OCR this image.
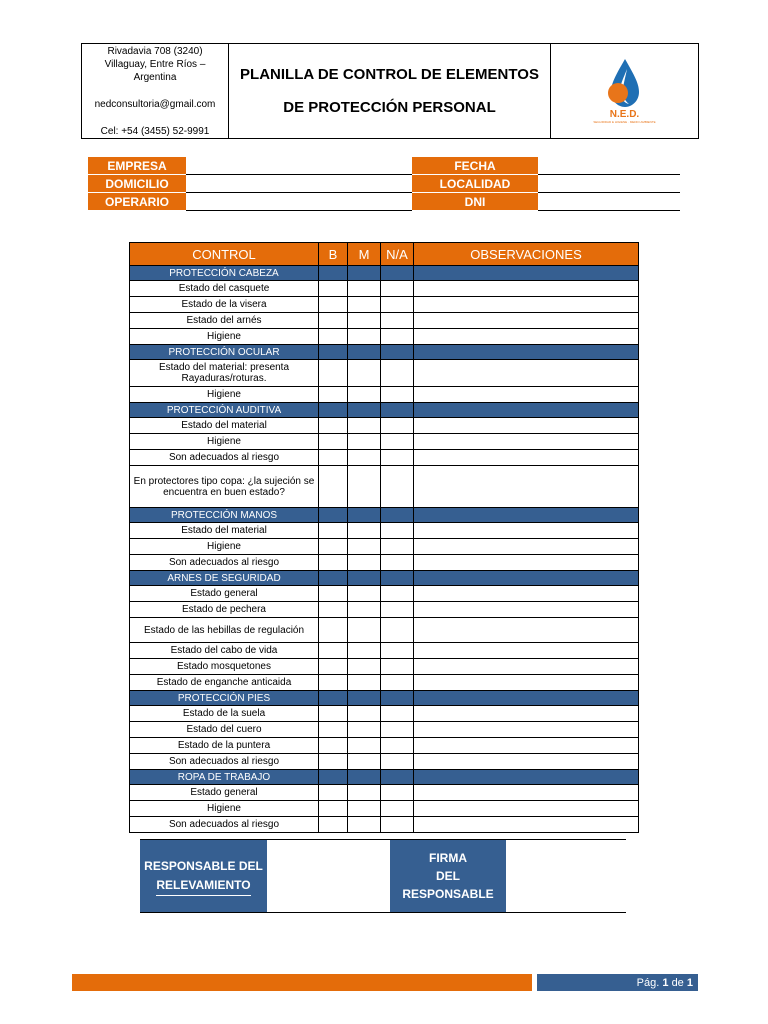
Rivadavia 708 (3240)
Villaguay, Entre Ríos –
Argentina
nedconsultoria@gmail.com
Cel: +54 (3455) 52-9991
PLANILLA DE CONTROL DE ELEMENTOS
DE PROTECCIÓN PERSONAL	N.E.D.
SEGURIDAD E HIGIENE · MEDIO AMBIENTE
EMPRESA	FECHA
DOMICILIO	LOCALIDAD
OPERARIO	DNI
CONTROL	B	M	N/A	OBSERVACIONES
PROTECCIÓN CABEZA				
Estado del casquete				
Estado de la visera				
Estado del arnés				
Higiene				
PROTECCIÓN OCULAR				
Estado del material: presenta Rayaduras/roturas.				
Higiene				
PROTECCIÓN AUDITIVA				
Estado del material				
Higiene				
Son adecuados al riesgo				
En protectores tipo copa: ¿la sujeción se encuentra en buen estado?				
PROTECCIÓN MANOS				
Estado del material				
Higiene				
Son adecuados al riesgo				
ARNES DE SEGURIDAD				
Estado general				
Estado de pechera				
Estado de las hebillas de regulación				
Estado del cabo de vida				
Estado mosquetones				
Estado de enganche anticaida				
PROTECCIÓN PIES				
Estado de la suela				
Estado del cuero				
Estado de la puntera				
Son adecuados al riesgo				
ROPA DE TRABAJO				
Estado general				
Higiene				
Son adecuados al riesgo				
RESPONSABLE DEL
RELEVAMIENTO
FIRMA
DEL
RESPONSABLE
Pág.
1
de
1
